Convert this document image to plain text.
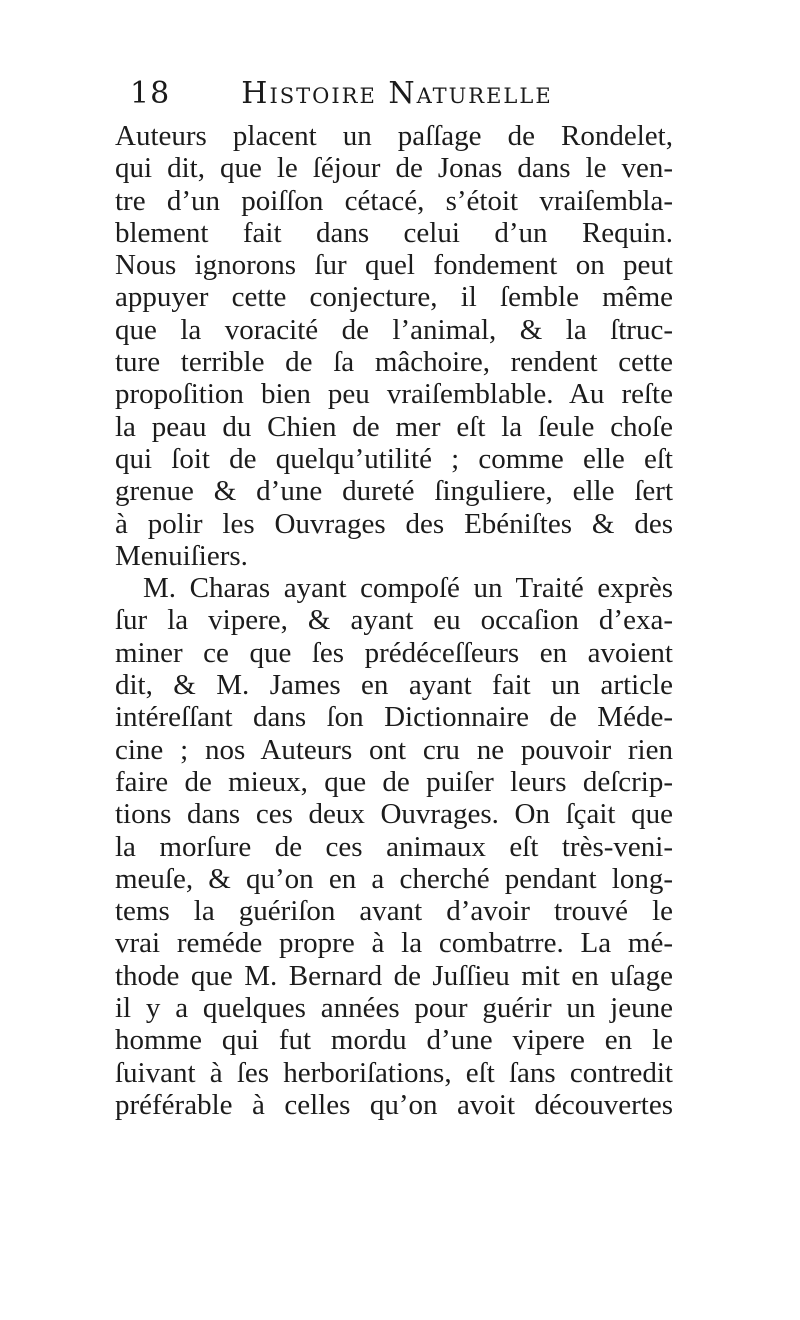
18 Histoire Naturelle
Auteurs placent un paſſage de Rondelet,
qui dit, que le ſéjour de Jonas dans le ven-
tre d’un poiſſon cétacé, s’étoit vraiſembla-
blement fait dans celui d’un Requin.
Nous ignorons ſur quel fondement on peut
appuyer cette conjecture, il ſemble même
que la voracité de l’animal, & la ſtruc-
ture terrible de ſa mâchoire, rendent cette
propoſition bien peu vraiſemblable. Au reſte
la peau du Chien de mer eſt la ſeule choſe
qui ſoit de quelqu’utilité ; comme elle eſt
grenue & d’une dureté ſinguliere, elle ſert
à polir les Ouvrages des Ebéniſtes & des
Menuiſiers.
M. Charas ayant compoſé un Traité exprès
ſur la vipere, & ayant eu occaſion d’exa-
miner ce que ſes prédéceſſeurs en avoient
dit, & M. James en ayant fait un article
intéreſſant dans ſon Dictionnaire de Méde-
cine ; nos Auteurs ont cru ne pouvoir rien
faire de mieux, que de puiſer leurs deſcrip-
tions dans ces deux Ouvrages. On ſçait que
la morſure de ces animaux eſt très-veni-
meuſe, & qu’on en a cherché pendant long-
tems la guériſon avant d’avoir trouvé le
vrai reméde propre à la combatrre. La mé-
thode que M. Bernard de Juſſieu mit en uſage
il y a quelques années pour guérir un jeune
homme qui fut mordu d’une vipere en le
ſuivant à ſes herboriſations, eſt ſans contredit
préférable à celles qu’on avoit découvertes
